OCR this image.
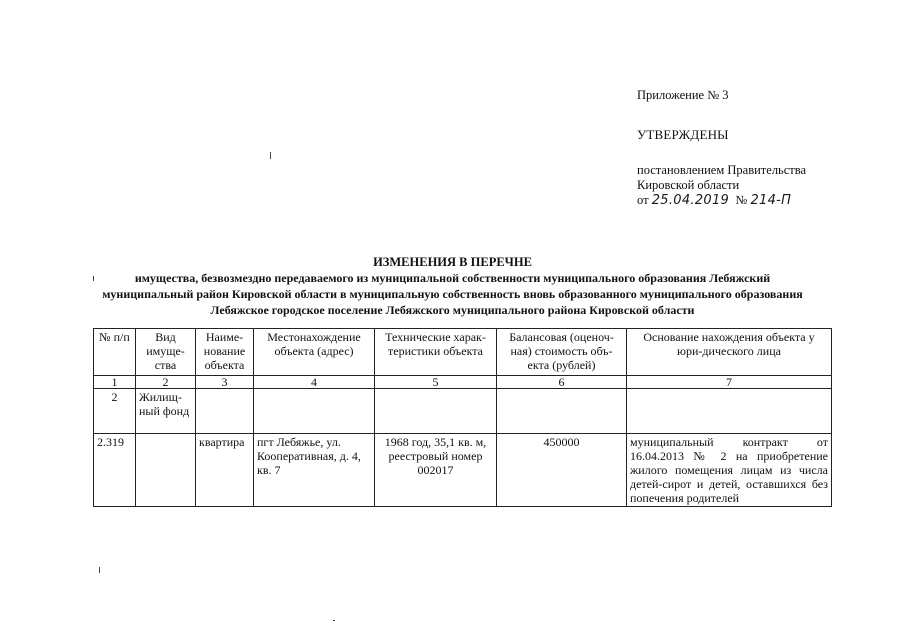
Приложение № 3
УТВЕРЖДЕНЫ
постановлением Правительства
Кировской области
от 25.04.2019 № 214-П
ИЗМЕНЕНИЯ В ПЕРЕЧНЕ
имущества, безвозмездно передаваемого из муниципальной собственности муниципального образования Лебяжский
муниципальный район Кировской области в муниципальную собственность вновь образованного муниципального образования
Лебяжское городское поселение Лебяжского муниципального района Кировской области
№ п/п	Вид имуще-ства	Наиме-нование объекта	Местонахождение объекта (адрес)	Технические харак-теристики объекта	Балансовая (оценоч-ная) стоимость объ-екта (рублей)	Основание нахождения объекта у юри-дического лица
1	2	3	4	5	6	7
2	Жилищ-ный фонд					
2.319		квартира	пгт Лебяжье, ул. Кооперативная, д. 4, кв. 7	1968 год, 35,1 кв. м, реестровый номер 002017	450000	муниципальный контракт от 16.04.2013 № 2 на приобретение жилого помещения лицам из числа детей-сирот и детей, оставшихся без попечения родителей
